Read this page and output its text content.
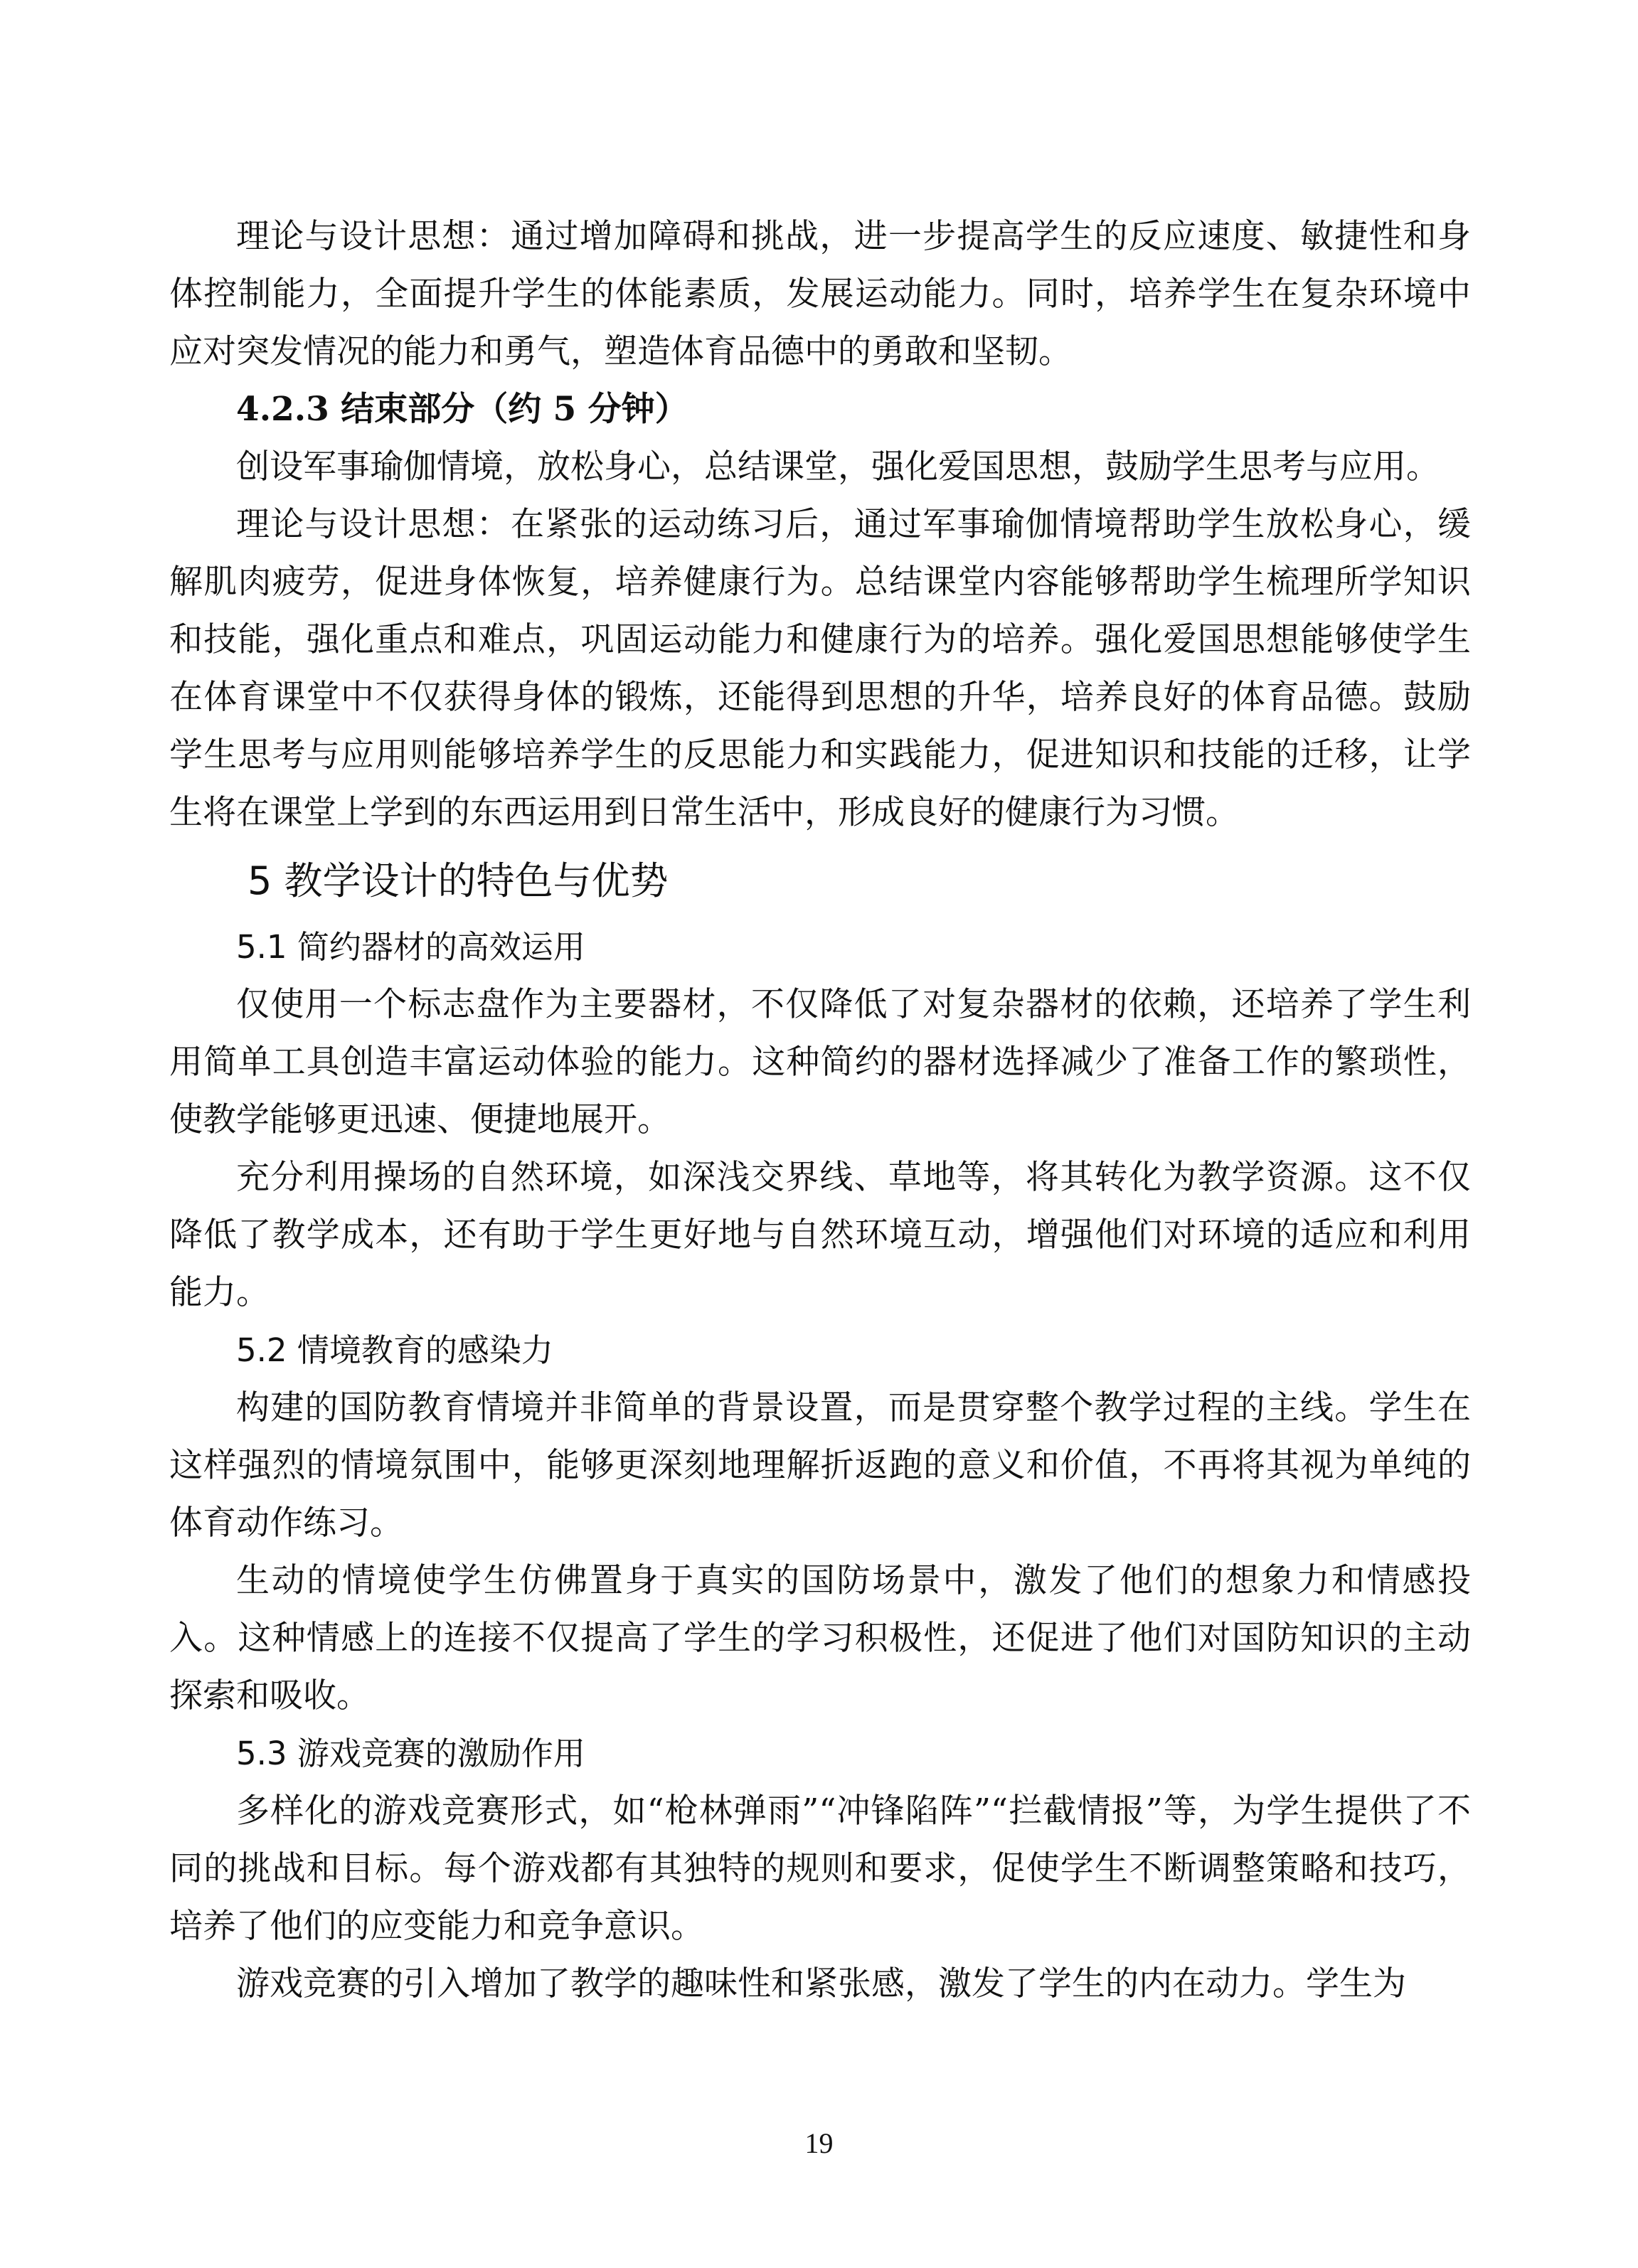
理论与设计思想：通过增加障碍和挑战，进一步提高学生的反应速度、敏捷性和身体控制能力，全面提升学生的体能素质，发展运动能力。同时，培养学生在复杂环境中应对突发情况的能力和勇气，塑造体育品德中的勇敢和坚韧。

4.2.3 结束部分（约 5 分钟）

创设军事瑜伽情境，放松身心，总结课堂，强化爱国思想，鼓励学生思考与应用。

理论与设计思想：在紧张的运动练习后，通过军事瑜伽情境帮助学生放松身心，缓解肌肉疲劳，促进身体恢复，培养健康行为。总结课堂内容能够帮助学生梳理所学知识和技能，强化重点和难点，巩固运动能力和健康行为的培养。强化爱国思想能够使学生在体育课堂中不仅获得身体的锻炼，还能得到思想的升华，培养良好的体育品德。鼓励学生思考与应用则能够培养学生的反思能力和实践能力，促进知识和技能的迁移，让学生将在课堂上学到的东西运用到日常生活中，形成良好的健康行为习惯。

5 教学设计的特色与优势

5.1 简约器材的高效运用

仅使用一个标志盘作为主要器材，不仅降低了对复杂器材的依赖，还培养了学生利用简单工具创造丰富运动体验的能力。这种简约的器材选择减少了准备工作的繁琐性，使教学能够更迅速、便捷地展开。

充分利用操场的自然环境，如深浅交界线、草地等，将其转化为教学资源。这不仅降低了教学成本，还有助于学生更好地与自然环境互动，增强他们对环境的适应和利用能力。

5.2 情境教育的感染力

构建的国防教育情境并非简单的背景设置，而是贯穿整个教学过程的主线。学生在这样强烈的情境氛围中，能够更深刻地理解折返跑的意义和价值，不再将其视为单纯的体育动作练习。

生动的情境使学生仿佛置身于真实的国防场景中，激发了他们的想象力和情感投入。这种情感上的连接不仅提高了学生的学习积极性，还促进了他们对国防知识的主动探索和吸收。

5.3 游戏竞赛的激励作用

多样化的游戏竞赛形式，如“枪林弹雨”“冲锋陷阵”“拦截情报”等，为学生提供了不同的挑战和目标。每个游戏都有其独特的规则和要求，促使学生不断调整策略和技巧，培养了他们的应变能力和竞争意识。

游戏竞赛的引入增加了教学的趣味性和紧张感，激发了学生的内在动力。学生为

19
